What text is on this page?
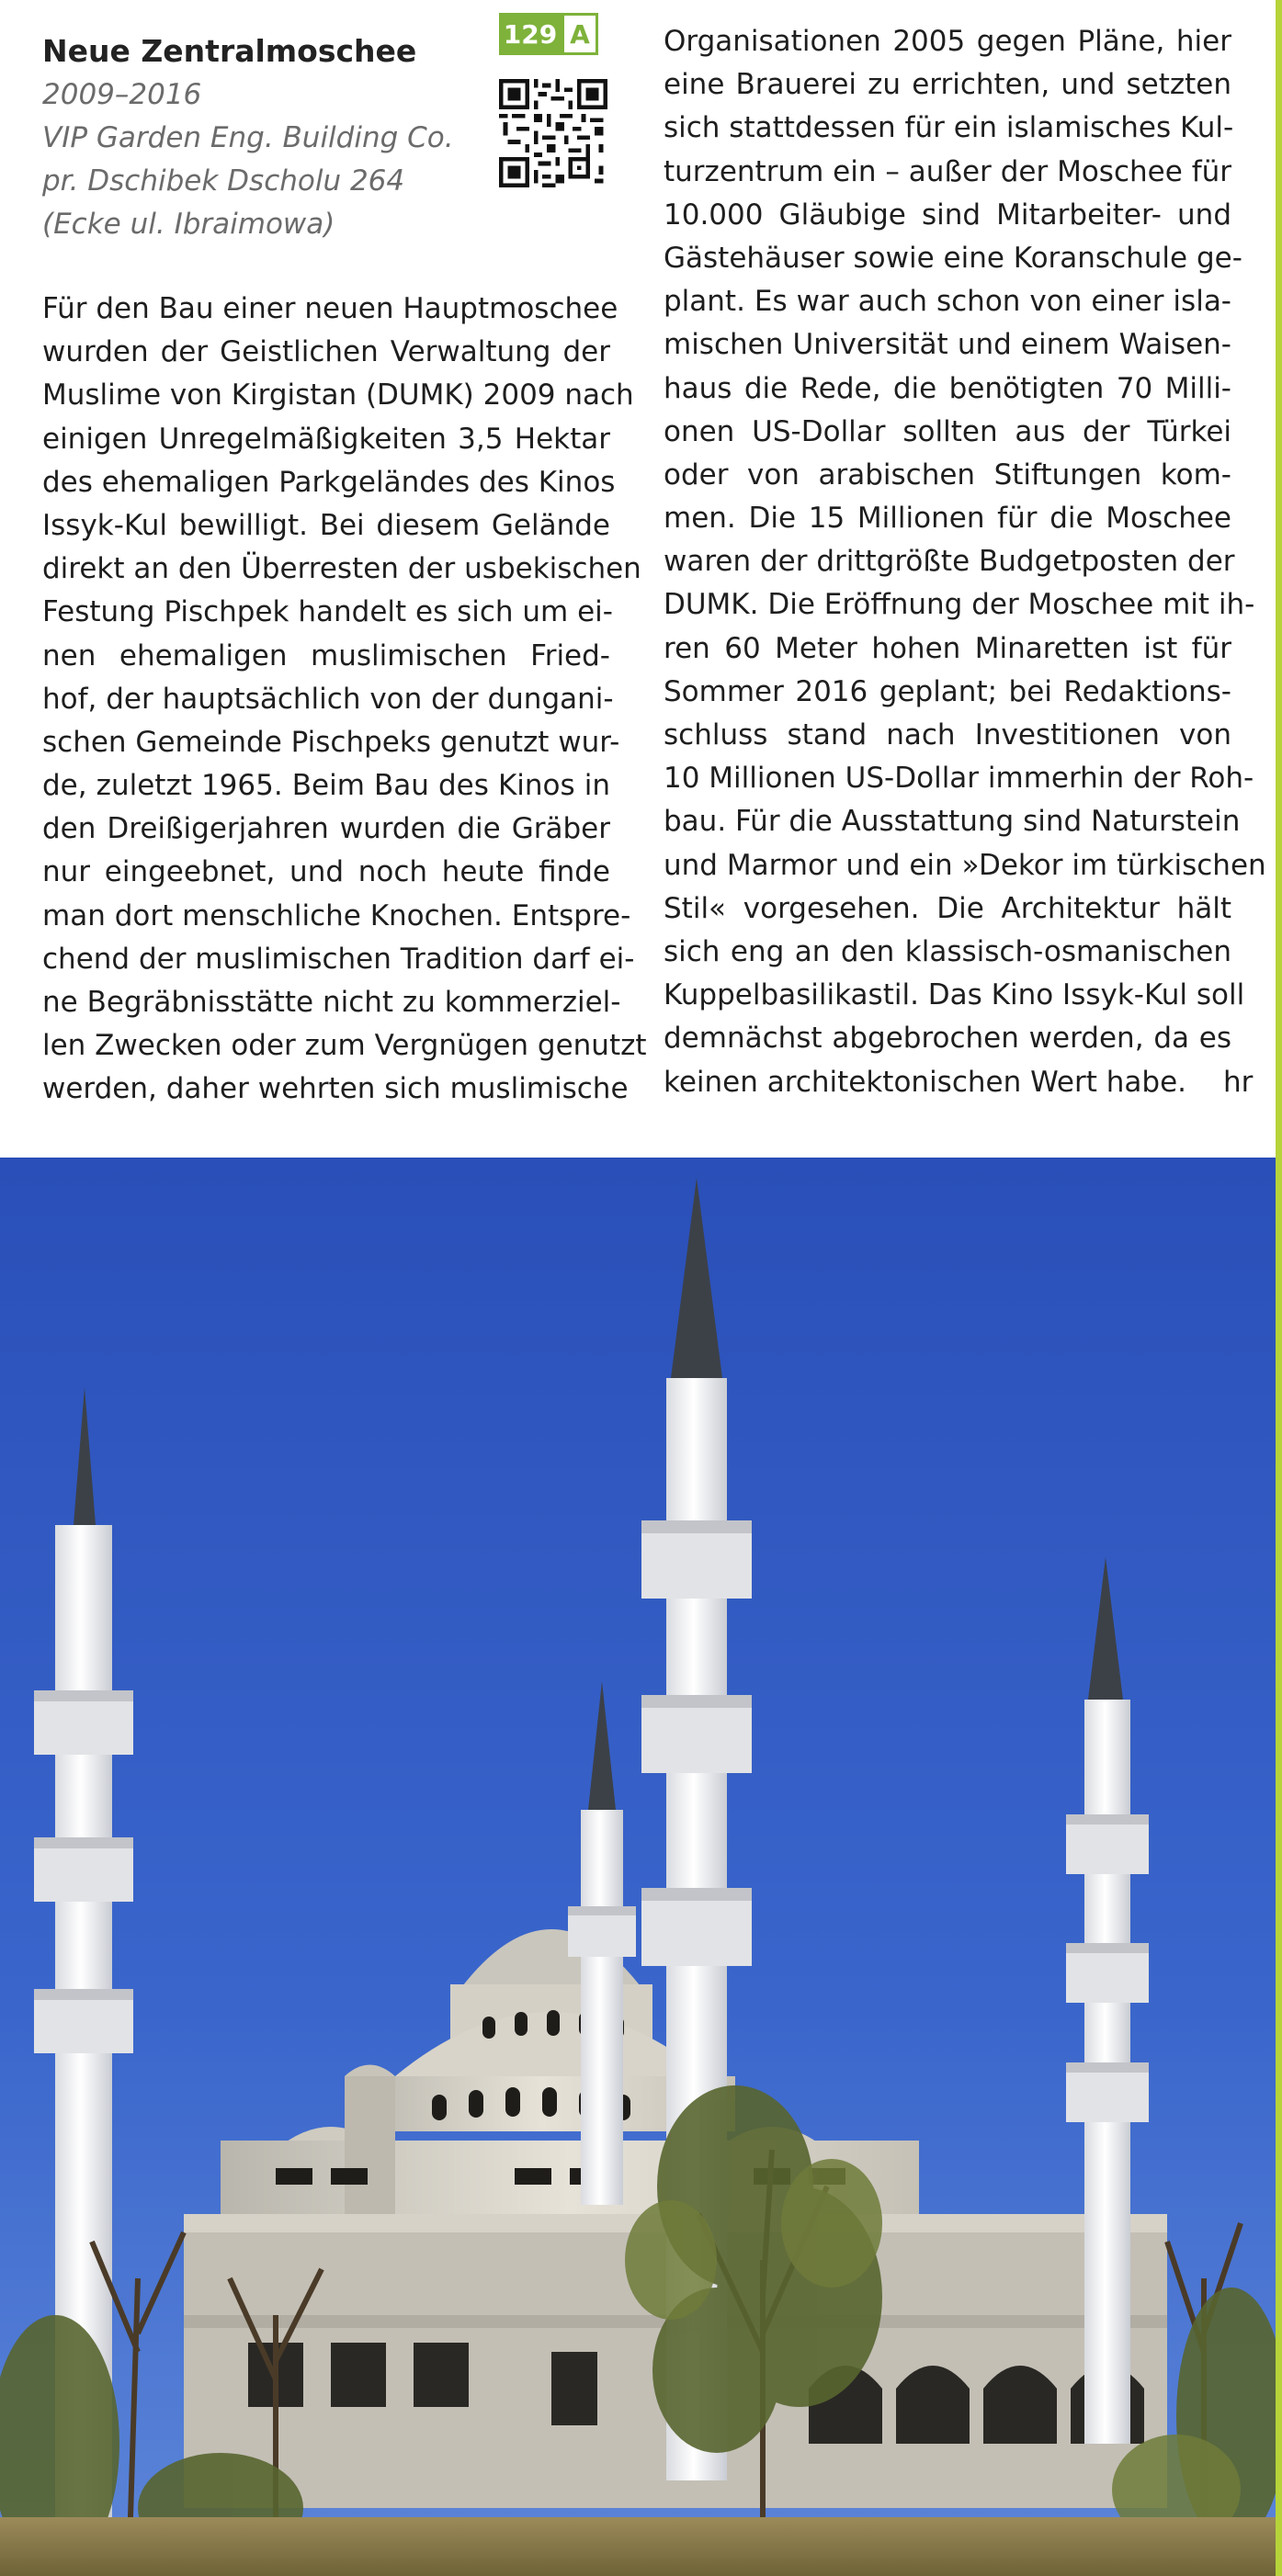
Neue Zentralmoschee
2009–2016
VIP Garden Eng. Building Co.
pr. Dschibek Dscholu 264
(Ecke ul. Ibraimowa)
129 A
Für den Bau einer neuen Hauptmoschee
wurden der Geistlichen Verwaltung der
Muslime von Kirgistan (DUMK) 2009 nach
einigen Unregelmäßigkeiten 3,5 Hektar
des ehemaligen Parkgeländes des Kinos
Issyk-Kul bewilligt. Bei diesem Gelände
direkt an den Überresten der usbekischen
Festung Pischpek handelt es sich um ei-
nen ehemaligen muslimischen Fried-
hof, der hauptsächlich von der dungani-
schen Gemeinde Pischpeks genutzt wur-
de, zuletzt 1965. Beim Bau des Kinos in
den Dreißigerjahren wurden die Gräber
nur eingeebnet, und noch heute finde
man dort menschliche Knochen. Entspre-
chend der muslimischen Tradition darf ei-
ne Begräbnisstätte nicht zu kommerziel-
len Zwecken oder zum Vergnügen genutzt
werden, daher wehrten sich muslimische
Organisationen 2005 gegen Pläne, hier
eine Brauerei zu errichten, und setzten
sich stattdessen für ein islamisches Kul-
turzentrum ein – außer der Moschee für
10.000 Gläubige sind Mitarbeiter- und
Gästehäuser sowie eine Koranschule ge-
plant. Es war auch schon von einer isla-
mischen Universität und einem Waisen-
haus die Rede, die benötigten 70 Milli-
onen US-Dollar sollten aus der Türkei
oder von arabischen Stiftungen kom-
men. Die 15 Millionen für die Moschee
waren der drittgrößte Budgetposten der
DUMK. Die Eröffnung der Moschee mit ih-
ren 60 Meter hohen Minaretten ist für
Sommer 2016 geplant; bei Redaktions-
schluss stand nach Investitionen von
10 Millionen US-Dollar immerhin der Roh-
bau. Für die Ausstattung sind Naturstein
und Marmor und ein »Dekor im türkischen
Stil« vorgesehen. Die Architektur hält
sich eng an den klassisch-osmanischen
Kuppelbasilikastil. Das Kino Issyk-Kul soll
demnächst abgebrochen werden, da es
keinen architektonischen Wert habe. hr
